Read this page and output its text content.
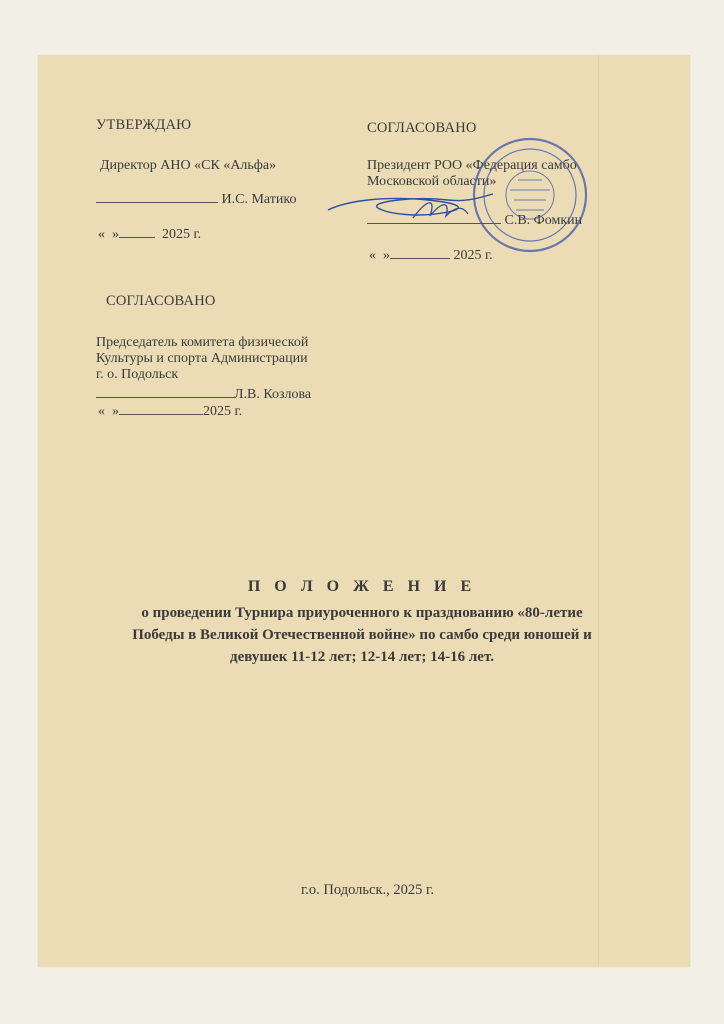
УТВЕРЖДАЮ
Директор АНО «СК «Альфа»
И.С. Матико
« »	2025 г.
СОГЛАСОВАНО
Президент РОО «Федерация самбо
Московской области»
С.В. Фомкин
« »	2025 г.
СОГЛАСОВАНО
Председатель комитета физической
Культуры и спорта Администрации
г. о. Подольск
Л.В. Козлова
« »	2025 г.
П О Л О Ж Е Н И Е
о проведении Турнира приуроченного к празднованию «80-летие
Победы в Великой Отечественной войне» по самбо среди юношей и
девушек 11-12 лет; 12-14 лет; 14-16 лет.
г.о. Подольск., 2025 г.
